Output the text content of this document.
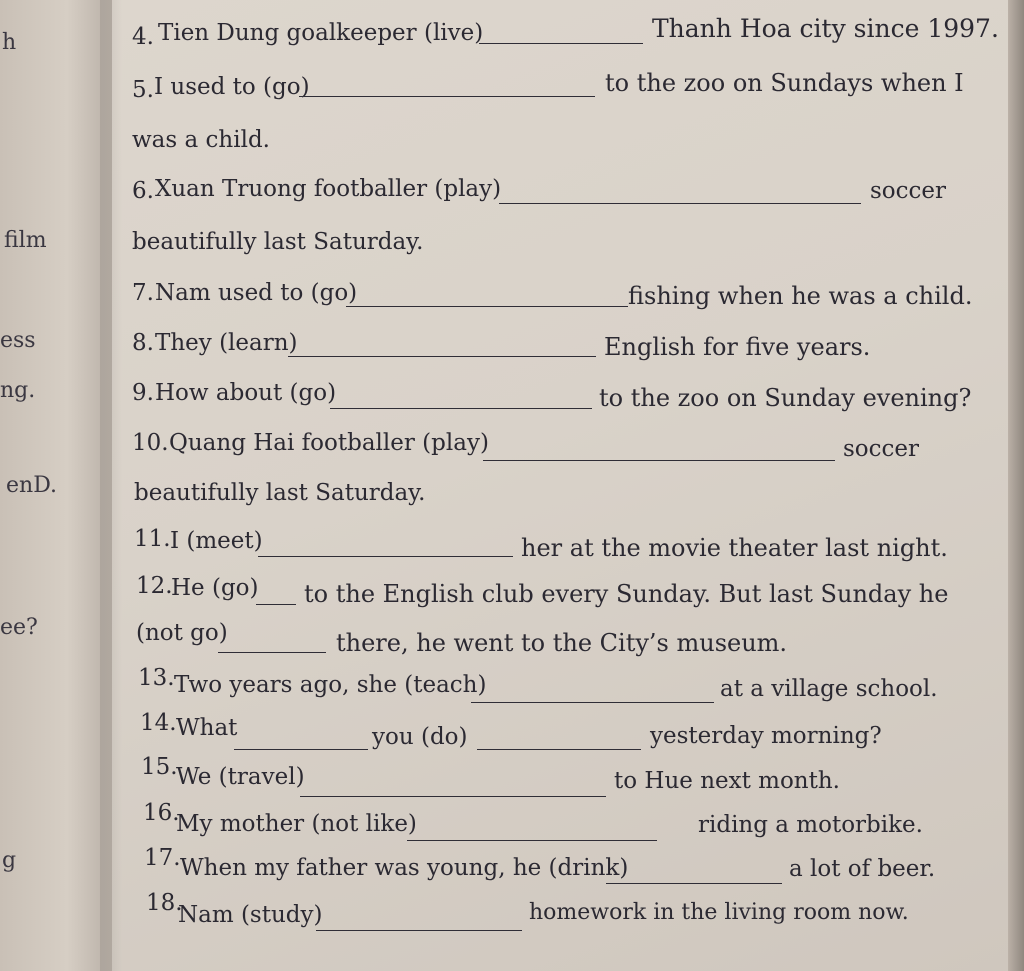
h
film
ess
ng.
enD.
ee?
g
4. Tien Dung goalkeeper (live)	Thanh Hoa city since 1997.
5. I used to (go)	to the zoo on Sundays when I
was a child.
6. Xuan Truong footballer (play)	soccer
beautifully last Saturday.
7. Nam used to (go)	fishing when he was a child.
8. They (learn)	English for five years.
9. How about (go)	to the zoo on Sunday evening?
10. Quang Hai footballer (play)	soccer
beautifully last Saturday.
11. I (meet)	her at the movie theater last night.
12.
He (go) to the English club every Sunday. But last Sunday he
(not go)	there, he went to the City’s museum.
13. Two years ago, she (teach)	at a village school.
14. What	you (do)	yesterday morning?
15.
We (travel)	to Hue next month.
16.
My mother (not like)	riding a motorbike.
17. When my father was young, he (drink)	a lot of beer.
18.
Nam (study)	homework in the living room now.
